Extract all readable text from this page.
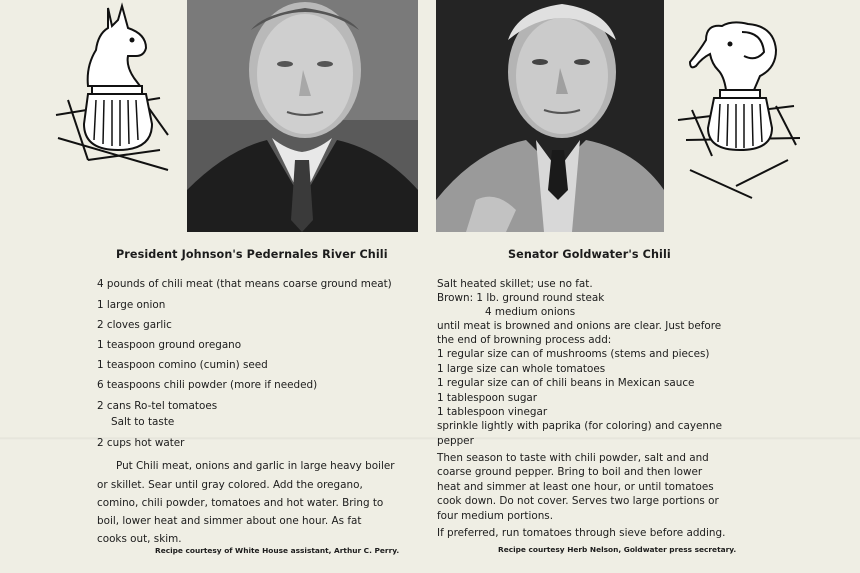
President Johnson's Pedernales River Chili	Senator Goldwater's Chili
4 pounds of chili meat (that means coarse ground meat)
1 large onion
2 cloves garlic
1 teaspoon ground oregano
1 teaspoon comino (cumin) seed
6 teaspoons chili powder (more if needed)
2 cans Ro-tel tomatoes
Salt to taste
2 cups hot water
Put Chili meat, onions and garlic in large heavy boiler
or skillet. Sear until gray colored. Add the oregano,
comino, chili powder, tomatoes and hot water. Bring to
boil, lower heat and simmer about one hour. As fat
cooks out, skim.
Recipe courtesy of White House assistant, Arthur C. Perry.
Salt heated skillet; use no fat.
Brown: 1 lb. ground round steak
4 medium onions
until meat is browned and onions are clear. Just before
the end of browning process add:
1 regular size can of mushrooms (stems and pieces)
1 large size can whole tomatoes
1 regular size can of chili beans in Mexican sauce
1 tablespoon sugar
1 tablespoon vinegar
sprinkle lightly with paprika (for coloring) and cayenne
pepper
Then season to taste with chili powder, salt and and
coarse ground pepper. Bring to boil and then lower
heat and simmer at least one hour, or until tomatoes
cook down. Do not cover. Serves two large portions or
four medium portions.
If preferred, run tomatoes through sieve before adding.
Recipe courtesy Herb Nelson, Goldwater press secretary.
